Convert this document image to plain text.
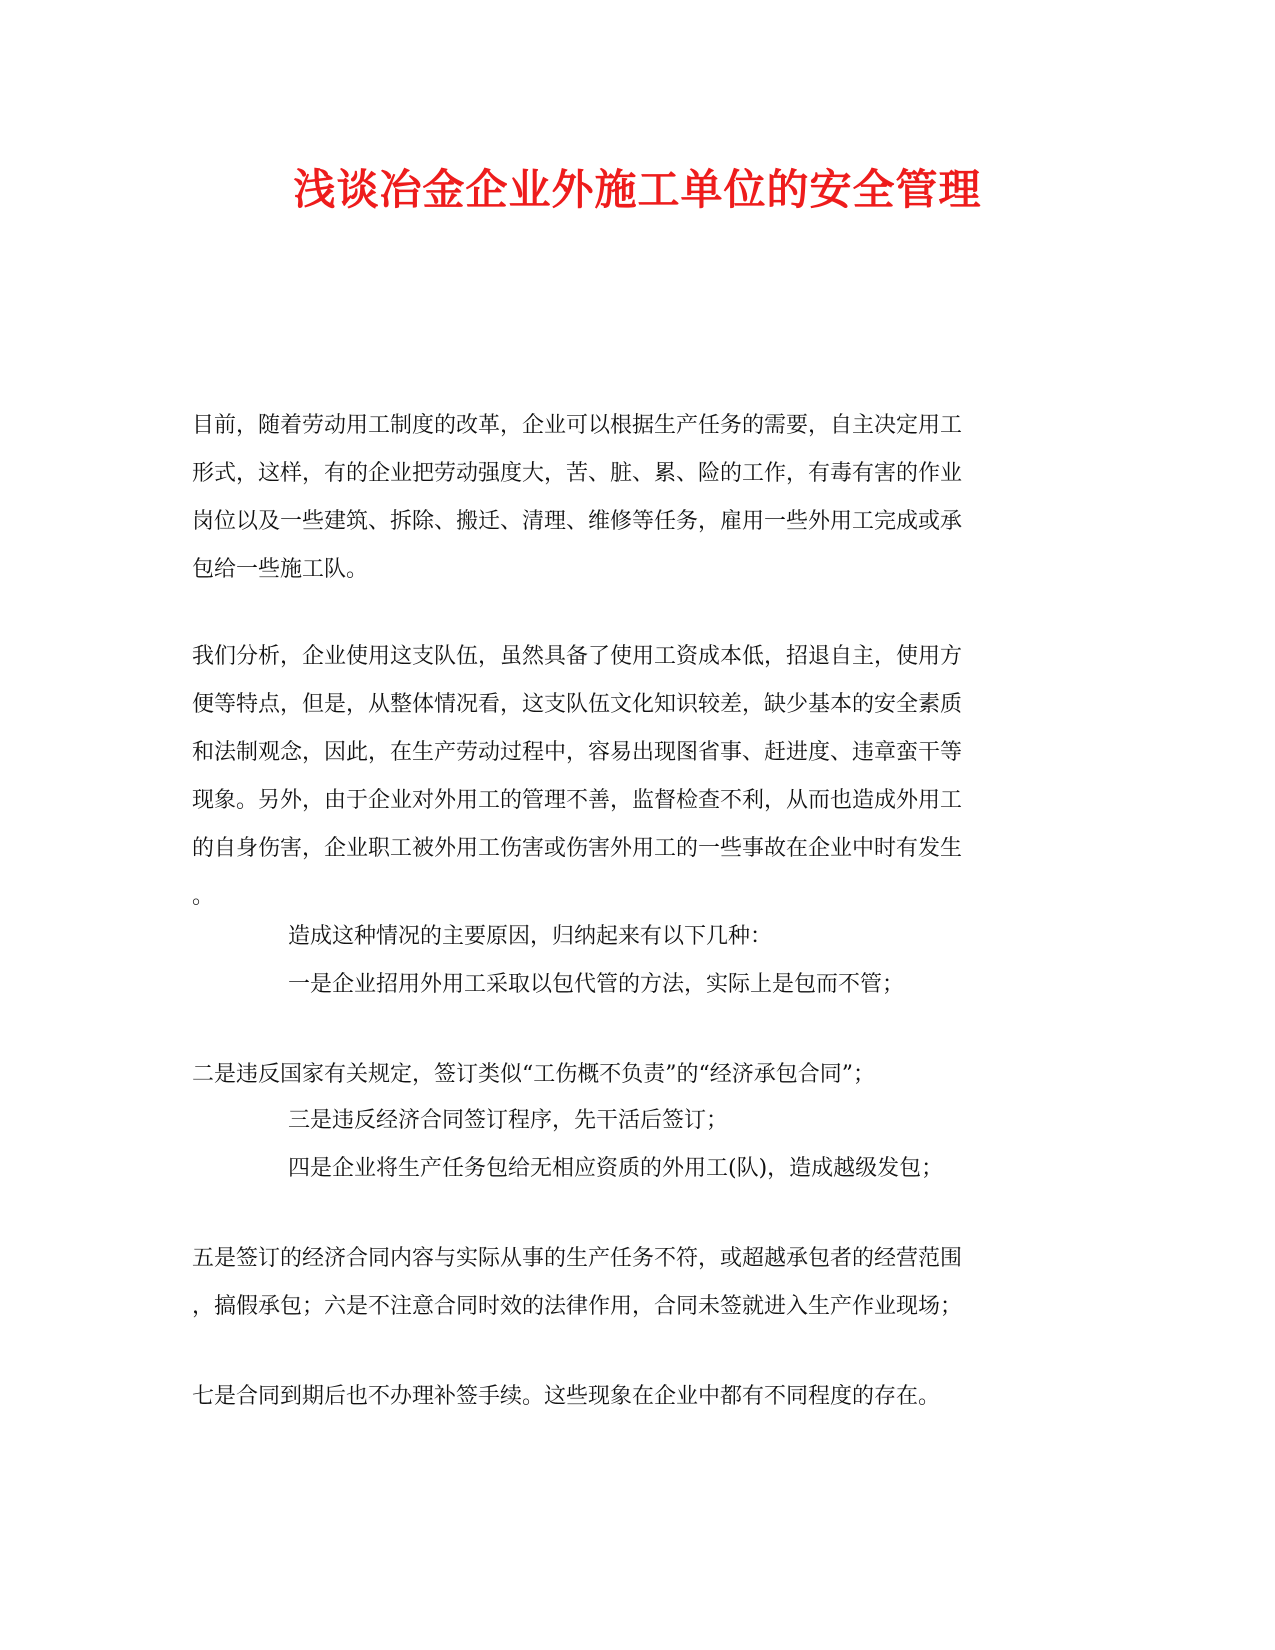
浅谈冶金企业外施工单位的安全管理
目前，随着劳动用工制度的改革，企业可以根据生产任务的需要，自主决定用工
形式，这样，有的企业把劳动强度大，苦、脏、累、险的工作，有毒有害的作业
岗位以及一些建筑、拆除、搬迁、清理、维修等任务，雇用一些外用工完成或承
包给一些施工队。
我们分析，企业使用这支队伍，虽然具备了使用工资成本低，招退自主，使用方
便等特点，但是，从整体情况看，这支队伍文化知识较差，缺少基本的安全素质
和法制观念，因此，在生产劳动过程中，容易出现图省事、赶进度、违章蛮干等
现象。另外，由于企业对外用工的管理不善，监督检查不利，从而也造成外用工
的自身伤害，企业职工被外用工伤害或伤害外用工的一些事故在企业中时有发生
。
造成这种情况的主要原因，归纳起来有以下几种：
一是企业招用外用工采取以包代管的方法，实际上是包而不管；
二是违反国家有关规定，签订类似“工伤概不负责”的“经济承包合同”；
三是违反经济合同签订程序，先干活后签订；
四是企业将生产任务包给无相应资质的外用工(队)，造成越级发包；
五是签订的经济合同内容与实际从事的生产任务不符，或超越承包者的经营范围
，搞假承包；六是不注意合同时效的法律作用，合同未签就进入生产作业现场；
七是合同到期后也不办理补签手续。这些现象在企业中都有不同程度的存在。
